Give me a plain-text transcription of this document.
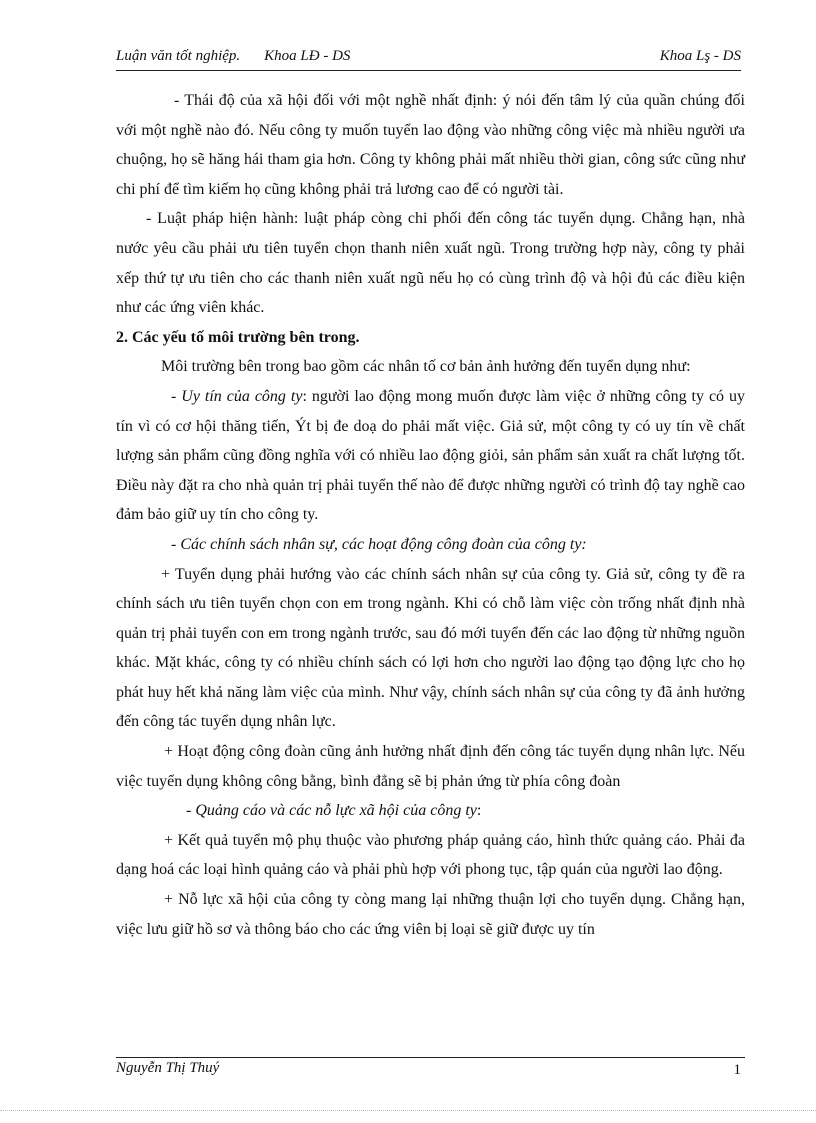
Luận văn tốt nghiệp. Khoa LĐ - DS	Khoa Lş - DS

- Thái độ của xã hội đối với một nghề nhất định: ý nói đến tâm lý của quần chúng đối với một nghề nào đó. Nếu công ty muốn tuyển lao động vào những công việc mà nhiều người ưa chuộng, họ sẽ hăng hái tham gia hơn. Công ty không phải mất nhiều thời gian, công sức cũng như chi phí để tìm kiếm họ cũng không phải trả lương cao để có người tài.

- Luật pháp hiện hành: luật pháp còng chi phối đến công tác tuyển dụng. Chẳng hạn, nhà nước yêu cầu phải ưu tiên tuyển chọn thanh niên xuất ngũ. Trong trường hợp này, công ty phải xếp thứ tự ưu tiên cho các thanh niên xuất ngũ nếu họ có cùng trình độ và hội đủ các điều kiện như các ứng viên khác.

2. Các yếu tố môi trường bên trong.

Môi trường bên trong bao gồm các nhân tố cơ bản ảnh hưởng đến tuyển dụng như:

- Uy tín của công ty: người lao động mong muốn được làm việc ở những công ty có uy tín vì có cơ hội thăng tiến, Ýt bị đe doạ do phải mất việc. Giả sử, một công ty có uy tín về chất lượng sản phẩm cũng đồng nghĩa với có nhiều lao động giỏi, sản phẩm sản xuất ra chất lượng tốt. Điều này đặt ra cho nhà quản trị phải tuyển thế nào để được những người có trình độ tay nghề cao đảm bảo giữ uy tín cho công ty.

- Các chính sách nhân sự, các hoạt động công đoàn của công ty:

+ Tuyển dụng phải hướng vào các chính sách nhân sự của công ty. Giả sử, công ty đề ra chính sách ưu tiên tuyển chọn con em trong ngành. Khi có chỗ làm việc còn trống nhất định nhà quản trị phải tuyển con em trong ngành trước, sau đó mới tuyển đến các lao động từ những nguồn khác. Mặt khác, công ty có nhiều chính sách có lợi hơn cho người lao động tạo động lực cho họ phát huy hết khả năng làm việc của mình. Như vậy, chính sách nhân sự của công ty đã ảnh hưởng đến công tác tuyển dụng nhân lực.

+ Hoạt động công đoàn cũng ảnh hưởng nhất định đến công tác tuyển dụng nhân lực. Nếu việc tuyển dụng không công bằng, bình đẳng sẽ bị phản ứng từ phía công đoàn

- Quảng cáo và các nỗ lực xã hội của công ty:

+ Kết quả tuyển mộ phụ thuộc vào phương pháp quảng cáo, hình thức quảng cáo. Phải đa dạng hoá các loại hình quảng cáo và phải phù hợp với phong tục, tập quán của người lao động.

+ Nỗ lực xã hội của công ty còng mang lại những thuận lợi cho tuyển dụng. Chẳng hạn, việc lưu giữ hồ sơ và thông báo cho các ứng viên bị loại sẽ giữ được uy tín

Nguyễn Thị Thuý	1
